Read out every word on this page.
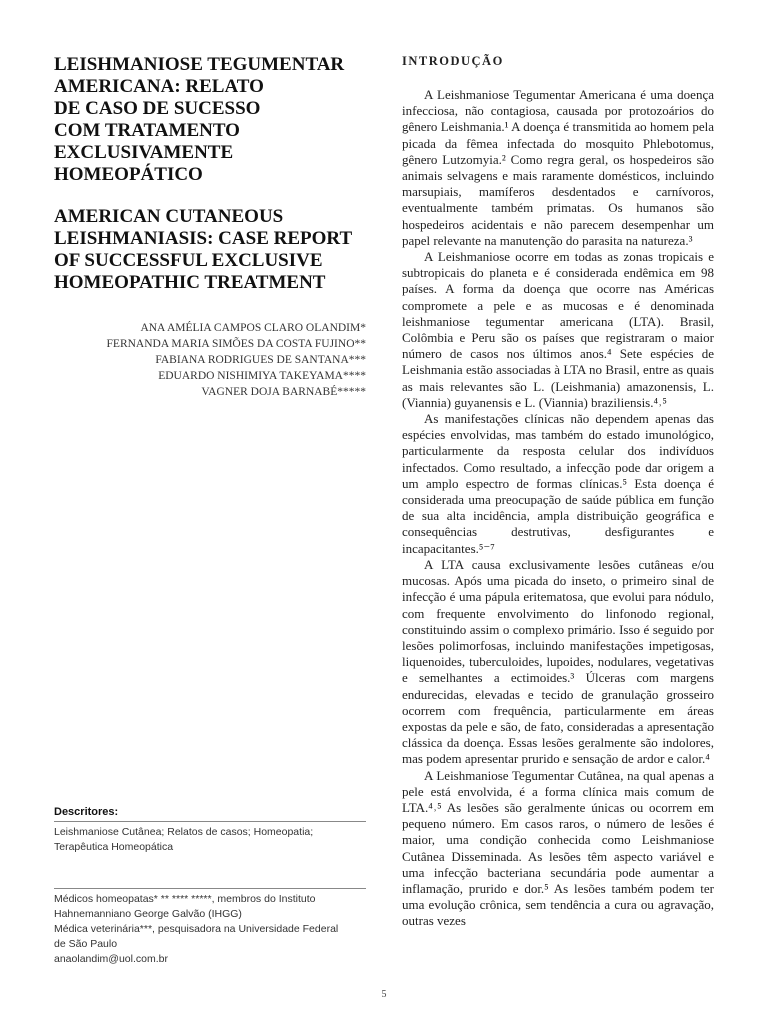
LEISHMANIOSE TEGUMENTAR
AMERICANA: RELATO
DE CASO DE SUCESSO
COM TRATAMENTO
EXCLUSIVAMENTE
HOMEOPÁTICO
AMERICAN CUTANEOUS
LEISHMANIASIS: CASE REPORT
OF SUCCESSFUL EXCLUSIVE
HOMEOPATHIC TREATMENT
ANA AMÉLIA CAMPOS CLARO OLANDIM*
FERNANDA MARIA SIMÕES DA COSTA FUJINO**
FABIANA RODRIGUES DE SANTANA***
EDUARDO NISHIMIYA TAKEYAMA****
VAGNER DOJA BARNABÉ*****
Descritores:
Leishmaniose Cutânea; Relatos de casos; Homeopatia;
Terapêutica Homeopática
Médicos homeopatas* ** **** *****, membros do Instituto
Hahnemanniano George Galvão (IHGG)
Médica veterinária***, pesquisadora na Universidade Federal
de São Paulo
anaolandim@uol.com.br
INTRODUÇÃO

A Leishmaniose Tegumentar Americana é uma doença infecciosa, não contagiosa, causada por protozoários do gênero Leishmania.¹ A doença é transmitida ao homem pela picada da fêmea infectada do mosquito Phlebotomus, gênero Lutzomyia.² Como regra geral, os hospedeiros são animais selvagens e mais raramente domésticos, incluindo marsupiais, mamíferos desdentados e carnívoros, eventualmente também primatas. Os humanos são hospedeiros acidentais e não parecem desempenhar um papel relevante na manutenção do parasita na natureza.³

A Leishmaniose ocorre em todas as zonas tropicais e subtropicais do planeta e é considerada endêmica em 98 países. A forma da doença que ocorre nas Américas compromete a pele e as mucosas e é denominada leishmaniose tegumentar americana (LTA). Brasil, Colômbia e Peru são os países que registraram o maior número de casos nos últimos anos.⁴ Sete espécies de Leishmania estão associadas à LTA no Brasil, entre as quais as mais relevantes são L. (Leishmania) amazonensis, L. (Viannia) guyanensis e L. (Viannia) braziliensis.⁴˒⁵

As manifestações clínicas não dependem apenas das espécies envolvidas, mas também do estado imunológico, particularmente da resposta celular dos indivíduos infectados. Como resultado, a infecção pode dar origem a um amplo espectro de formas clínicas.⁵ Esta doença é considerada uma preocupação de saúde pública em função de sua alta incidência, ampla distribuição geográfica e consequências destrutivas, desfigurantes e incapacitantes.⁵⁻⁷

A LTA causa exclusivamente lesões cutâneas e/ou mucosas. Após uma picada do inseto, o primeiro sinal de infecção é uma pápula eritematosa, que evolui para nódulo, com frequente envolvimento do linfonodo regional, constituindo assim o complexo primário. Isso é seguido por lesões polimorfosas, incluindo manifestações impetigosas, liquenoides, tuberculoides, lupoides, nodulares, vegetativas e semelhantes a ectimoides.³ Úlceras com margens endurecidas, elevadas e tecido de granulação grosseiro ocorrem com frequência, particularmente em áreas expostas da pele e são, de fato, consideradas a apresentação clássica da doença. Essas lesões geralmente são indolores, mas podem apresentar prurido e sensação de ardor e calor.⁴

A Leishmaniose Tegumentar Cutânea, na qual apenas a pele está envolvida, é a forma clínica mais comum de LTA.⁴˒⁵ As lesões são geralmente únicas ou ocorrem em pequeno número. Em casos raros, o número de lesões é maior, uma condição conhecida como Leishmaniose Cutânea Disseminada. As lesões têm aspecto variável e uma infecção bacteriana secundária pode aumentar a inflamação, prurido e dor.⁵ As lesões também podem ter uma evolução crônica, sem tendência a cura ou agravação, outras vezes

5
